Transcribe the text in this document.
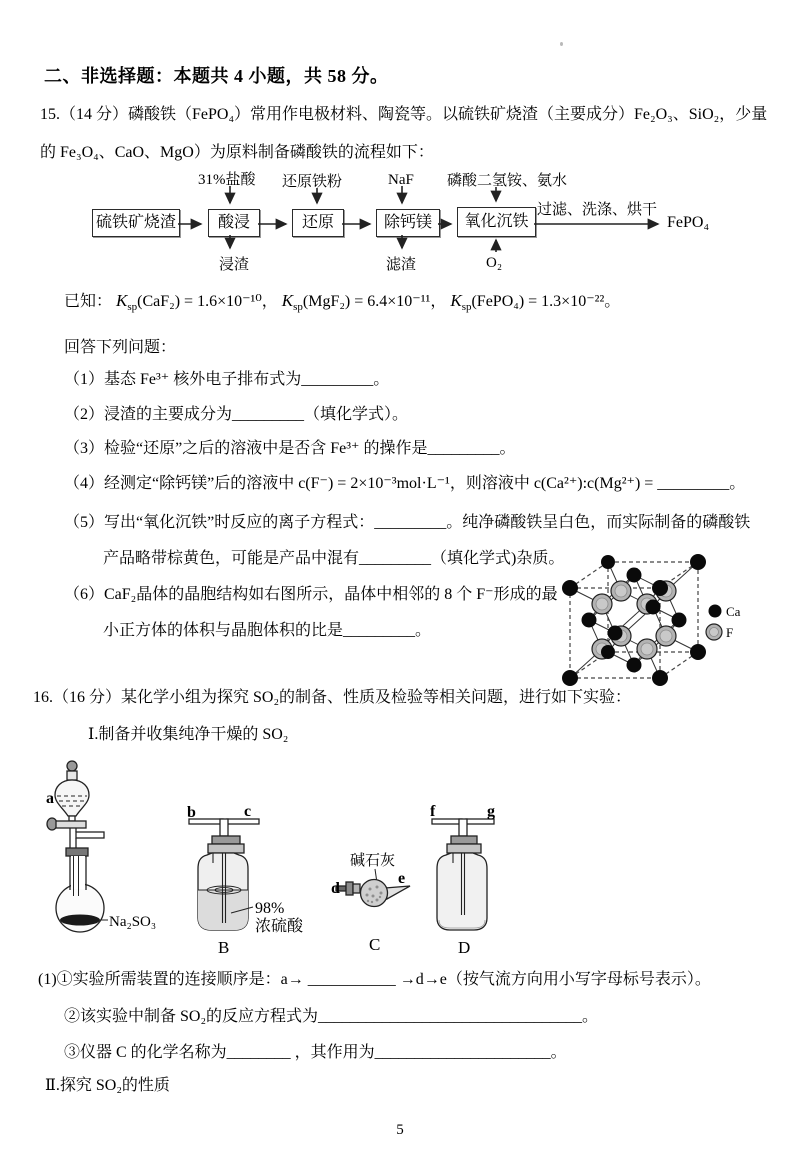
二、非选择题：本题共 4 小题，共 58 分。
15.（14 分）磷酸铁（FePO₄）常用作电极材料、陶瓷等。以硫铁矿烧渣（主要成分）Fe₂O₃、SiO₂，少量
的 Fe₃O₄、CaO、MgO）为原料制备磷酸铁的流程如下：
31%盐酸 还原铁粉	NaF 磷酸二氢铵、氨水
硫铁矿烧渣	酸浸	还原	除钙镁	氧化沉铁
浸渣	滤渣	O₂
过滤、洗涤、烘干
FePO₄
已知： $K_{sp}(CaF_2) = 1.6\times 10^{-10}$， $K_{sp}(MgF_2) = 6.4\times 10^{-11}$， $K_{sp}(FePO_4) = 1.3\times 10^{-22}$。
回答下列问题：
（1）基态 Fe³⁺ 核外电子排布式为_________。
（2）浸渣的主要成分为_________（填化学式）。
（3）检验“还原”之后的溶液中是否含 Fe³⁺ 的操作是_________。
（4）经测定“除钙镁”后的溶液中 c(F⁻) = 2×10⁻³mol·L⁻¹，则溶液中 c(Ca²⁺):c(Mg²⁺) = _________。
（5）写出“氧化沉铁”时反应的离子方程式：_________。纯净磷酸铁呈白色，而实际制备的磷酸铁
产品略带棕黄色，可能是产品中混有_________（填化学式)杂质。
（6）CaF₂晶体的晶胞结构如右图所示，晶体中相邻的 8 个 F⁻形成的最
小正方体的体积与晶胞体积的比是_________。
Ca
F
16.（16 分）某化学小组为探究 SO₂的制备、性质及检验等相关问题，进行如下实验：
Ⅰ.制备并收集纯净干燥的 SO₂
a
Na₂SO₃
b	c
98%
浓硫酸
B
碱石灰
d
e
C
f	g
D
(1)①实验所需装置的连接顺序是：a→ ___________ →d→e（按气流方向用小写字母标号表示）。
②该实验中制备 SO₂的反应方程式为_________________________________。
③仪器 C 的化学名称为________ ，其作用为______________________。
Ⅱ.探究 SO₂的性质
5
